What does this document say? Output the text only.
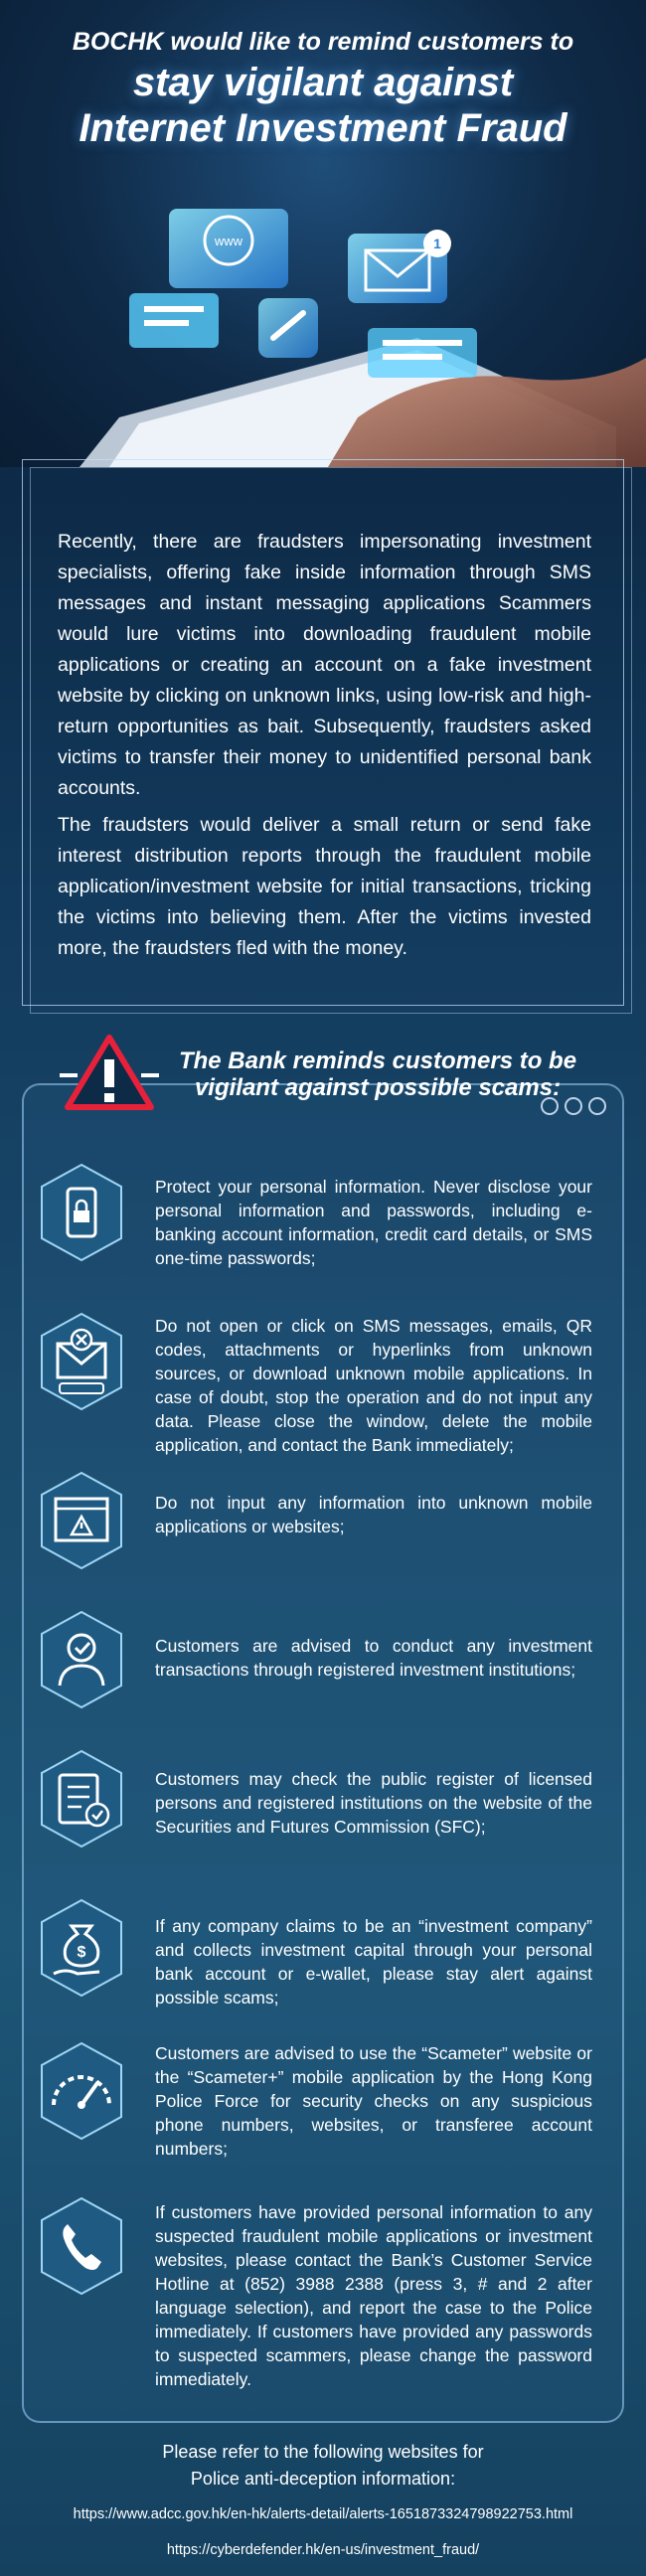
BOCHK would like to remind customers to
stay vigilant against
Internet Investment Fraud
www	1

Recently, there are fraudsters impersonating investment specialists, offering fake inside information through SMS messages and instant messaging applications Scammers would lure victims into downloading fraudulent mobile applications or creating an account on a fake investment website by clicking on unknown links, using low-risk and high-return opportunities as bait. Subsequently, fraudsters asked victims to transfer their money to unidentified personal bank accounts.

The fraudsters would deliver a small return or send fake interest distribution reports through the fraudulent mobile application/investment website for initial transactions, tricking the victims into believing them. After the victims invested more, the fraudsters fled with the money.

The Bank reminds customers to be
vigilant against possible scams:
Protect your personal information. Never disclose your personal information and passwords, including e-banking account information, credit card details, or SMS one-time passwords;
Do not open or click on SMS messages, emails, QR codes, attachments or hyperlinks from unknown sources, or download unknown mobile applications. In case of doubt, stop the operation and do not input any data. Please close the window, delete the mobile application, and contact the Bank immediately;
Do not input any information into unknown mobile applications or websites;
Customers are advised to conduct any investment transactions through registered investment institutions;
Customers may check the public register of licensed persons and registered institutions on the website of the Securities and Futures Commission (SFC);
$
If any company claims to be an “investment company” and collects investment capital through your personal bank account or e-wallet, please stay alert against possible scams;
Customers are advised to use the “Scameter” website or the “Scameter+” mobile application by the Hong Kong Police Force for security checks on any suspicious phone numbers, websites, or transferee account numbers;
If customers have provided personal information to any suspected fraudulent mobile applications or investment websites, please contact the Bank’s Customer Service Hotline at (852) 3988 2388 (press 3, # and 2 after language selection), and report the case to the Police immediately. If customers have provided any passwords to suspected scammers, please change the password immediately.
Please refer to the following websites for
Police anti-deception information:
https://www.adcc.gov.hk/en-hk/alerts-detail/alerts-1651873324798922753.html
https://cyberdefender.hk/en-us/investment_fraud/
